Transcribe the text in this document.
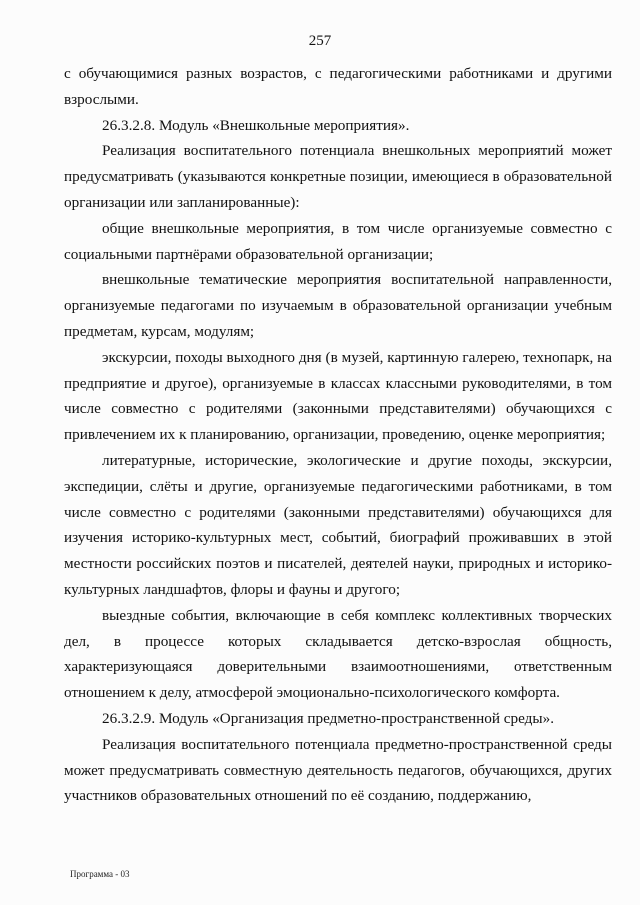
257

с обучающимися разных возрастов, с педагогическими работниками и другими взрослыми.

26.3.2.8. Модуль «Внешкольные мероприятия».

Реализация воспитательного потенциала внешкольных мероприятий может предусматривать (указываются конкретные позиции, имеющиеся в образовательной организации или запланированные):

общие внешкольные мероприятия, в том числе организуемые совместно с социальными партнёрами образовательной организации;

внешкольные тематические мероприятия воспитательной направленности, организуемые педагогами по изучаемым в образовательной организации учебным предметам, курсам, модулям;

экскурсии, походы выходного дня (в музей, картинную галерею, технопарк, на предприятие и другое), организуемые в классах классными руководителями, в том числе совместно с родителями (законными представителями) обучающихся с привлечением их к планированию, организации, проведению, оценке мероприятия;

литературные, исторические, экологические и другие походы, экскурсии, экспедиции, слёты и другие, организуемые педагогическими работниками, в том числе совместно с родителями (законными представителями) обучающихся для изучения историко-культурных мест, событий, биографий проживавших в этой местности российских поэтов и писателей, деятелей науки, природных и историко-культурных ландшафтов, флоры и фауны и другого;

выездные события, включающие в себя комплекс коллективных творческих дел, в процессе которых складывается детско-взрослая общность, характеризующаяся доверительными взаимоотношениями, ответственным отношением к делу, атмосферой эмоционально-психологического комфорта.

26.3.2.9. Модуль «Организация предметно-пространственной среды».

Реализация воспитательного потенциала предметно-пространственной среды может предусматривать совместную деятельность педагогов, обучающихся, других участников образовательных отношений по её созданию, поддержанию,

Программа - 03
